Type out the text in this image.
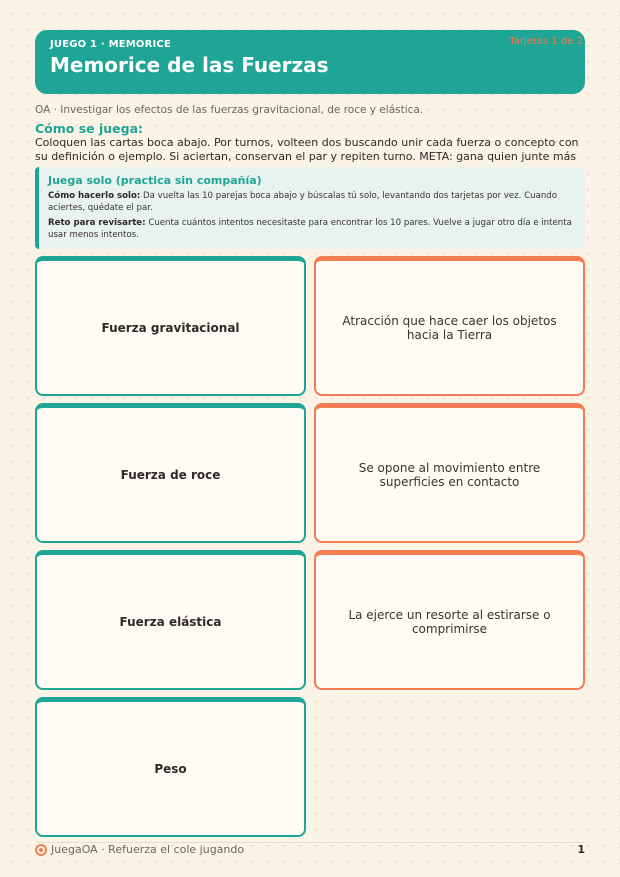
JUEGO 1 · MEMORICE
Memorice de las Fuerzas
Tarjetas 1 de 2
OA · Investigar los efectos de las fuerzas gravitacional, de roce y elástica.
Cómo se juega:
Coloquen las cartas boca abajo. Por turnos, volteen dos buscando unir cada fuerza o concepto con su definición o ejemplo. Si aciertan, conservan el par y repiten turno. META: gana quien junte más
Juega solo (practica sin compañía)

Cómo hacerlo solo: Da vuelta las 10 parejas boca abajo y búscalas tú solo, levantando dos tarjetas por vez. Cuando aciertes, quédate el par.

Reto para revisarte: Cuenta cuántos intentos necesitaste para encontrar los 10 pares. Vuelve a jugar otro día e intenta usar menos intentos.

Fuerza gravitacional	Atracción que hace caer los objetos hacia la Tierra
Fuerza de roce	Se opone al movimiento entre superficies en contacto
Fuerza elástica	La ejerce un resorte al estirarse o comprimirse
Peso
JuegaOA · Refuerza el cole jugando	1
